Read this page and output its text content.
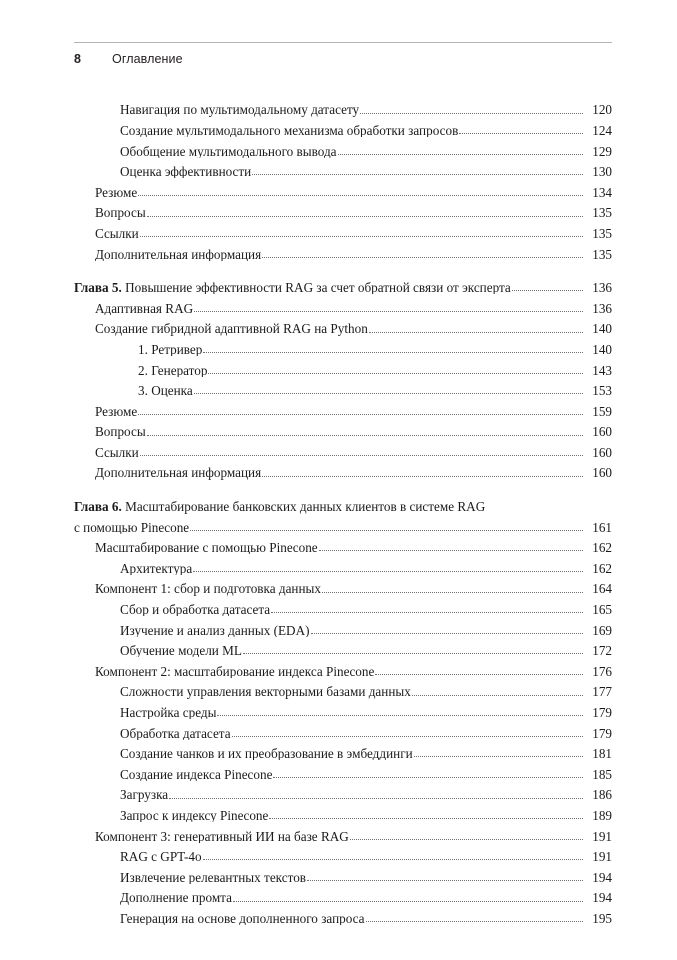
8	Оглавление
Навигация по мультимодальному датасету	120
Создание мультимодального механизма обработки запросов	124
Обобщение мультимодального вывода	129
Оценка эффективности	130
Резюме	134
Вопросы	135
Ссылки	135
Дополнительная информация	135
Глава 5. Повышение эффективности RAG за счет обратной связи от эксперта	136
Адаптивная RAG	136
Создание гибридной адаптивной RAG на Python	140
1. Ретривер	140
2. Генератор	143
3. Оценка	153
Резюме	159
Вопросы	160
Ссылки	160
Дополнительная информация	160
Глава 6. Масштабирование банковских данных клиентов в системе RAG
с помощью Pinecone	161
Масштабирование с помощью Pinecone	162
Архитектура	162
Компонент 1: сбор и подготовка данных	164
Сбор и обработка датасета	165
Изучение и анализ данных (EDA)	169
Обучение модели ML	172
Компонент 2: масштабирование индекса Pinecone	176
Сложности управления векторными базами данных	177
Настройка среды	179
Обработка датасета	179
Создание чанков и их преобразование в эмбеддинги	181
Создание индекса Pinecone	185
Загрузка	186
Запрос к индексу Pinecone	189
Компонент 3: генеративный ИИ на базе RAG	191
RAG с GPT-4o	191
Извлечение релевантных текстов	194
Дополнение промта	194
Генерация на основе дополненного запроса	195
